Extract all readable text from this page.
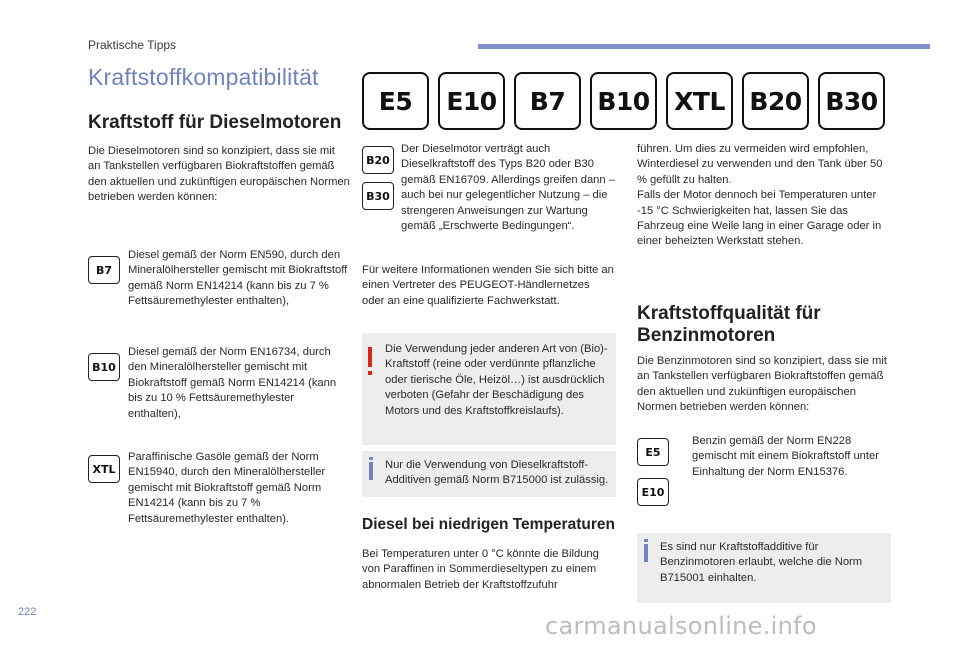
Praktische Tipps
Kraftstoffkompatibilität
E5	E10	B7	B10 XTL B20 B30
Kraftstoff für Dieselmotoren

Die Dieselmotoren sind so konzipiert, dass sie mit an Tankstellen verfügbaren Biokraftstoffen gemäß den aktuellen und zukünftigen europäischen Normen betrieben werden können:

B7

Diesel gemäß der Norm EN590, durch den Mineralölhersteller gemischt mit Biokraftstoff gemäß Norm EN14214 (kann bis zu 7 % Fettsäuremethylester enthalten),

B10

Diesel gemäß der Norm EN16734, durch den Mineralölhersteller gemischt mit Biokraftstoff gemäß Norm EN14214 (kann bis zu 10 % Fettsäuremethylester enthalten),

XTL

Paraffinische Gasöle gemäß der Norm EN15940, durch den Mineralölhersteller gemischt mit Biokraftstoff gemäß Norm EN14214 (kann bis zu 7 % Fettsäuremethylester enthalten).

B20
B30

Der Dieselmotor verträgt auch Dieselkraftstoff des Typs B20 oder B30 gemäß EN16709. Allerdings greifen dann – auch bei nur gelegentlicher Nutzung – die strengeren Anweisungen zur Wartung gemäß „Erschwerte Bedingungen“.

Für weitere Informationen wenden Sie sich bitte an einen Vertreter des PEUGEOT-Händlernetzes oder an eine qualifizierte Fachwerkstatt.

Die Verwendung jeder anderen Art von (Bio)-Kraftstoff (reine oder verdünnte pflanzliche oder tierische Öle, Heizöl…) ist ausdrücklich verboten (Gefahr der Beschädigung des Motors und des Kraftstoffkreislaufs).

Nur die Verwendung von Dieselkraftstoff-Additiven gemäß Norm B715000 ist zulässig.

Diesel bei niedrigen Temperaturen

Bei Temperaturen unter 0 °C könnte die Bildung von Paraffinen in Sommerdieseltypen zu einem abnormalen Betrieb der Kraftstoffzufuhr

führen. Um dies zu vermeiden wird empfohlen, Winterdiesel zu verwenden und den Tank über 50 % gefüllt zu halten.
Falls der Motor dennoch bei Temperaturen unter -15 °C Schwierigkeiten hat, lassen Sie das Fahrzeug eine Weile lang in einer Garage oder in einer beheizten Werkstatt stehen.

Kraftstoffqualität für Benzinmotoren

Die Benzinmotoren sind so konzipiert, dass sie mit an Tankstellen verfügbaren Biokraftstoffen gemäß den aktuellen und zukünftigen europäischen Normen betrieben werden können:

E5
E10

Benzin gemäß der Norm EN228 gemischt mit einem Biokraftstoff unter Einhaltung der Norm EN15376.

Es sind nur Kraftstoffadditive für Benzinmotoren erlaubt, welche die Norm B715001 einhalten.

222	carmanualsonline.info
